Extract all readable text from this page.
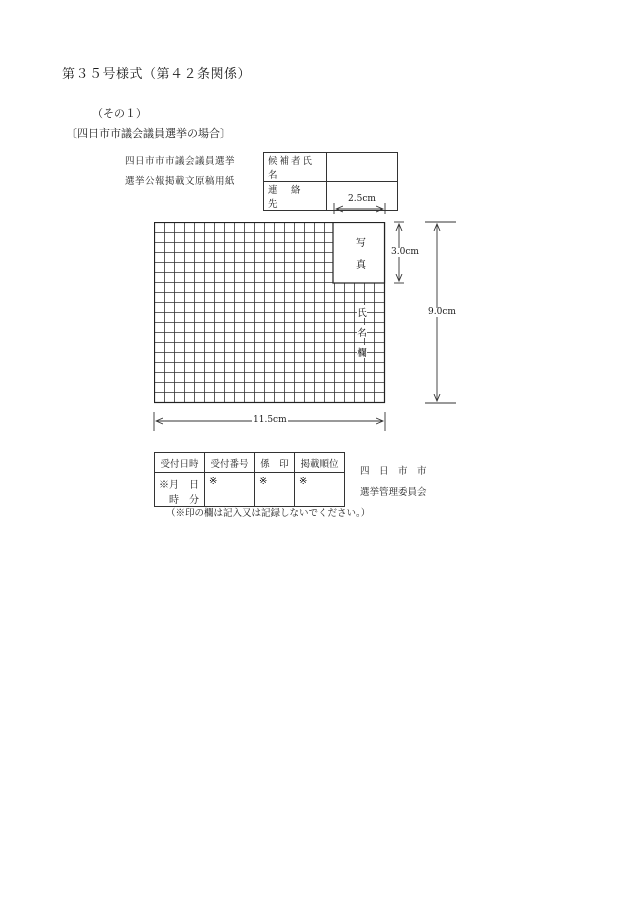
第３５号様式（第４２条関係）
（その１）
〔四日市市議会議員選挙の場合〕
四日市市市議会議員選挙
選挙公報掲載文原稿用紙
候補者氏名	
連　絡　先	
写
真
氏
名
欄
2.5cm
3.0cm
9.0cm
11.5cm
受付日時	受付番号	係　印	掲載順位

※月　日
時　分	※	※	※
四　日　市　市
選挙管理委員会
（※印の欄は記入又は記録しないでください。）
